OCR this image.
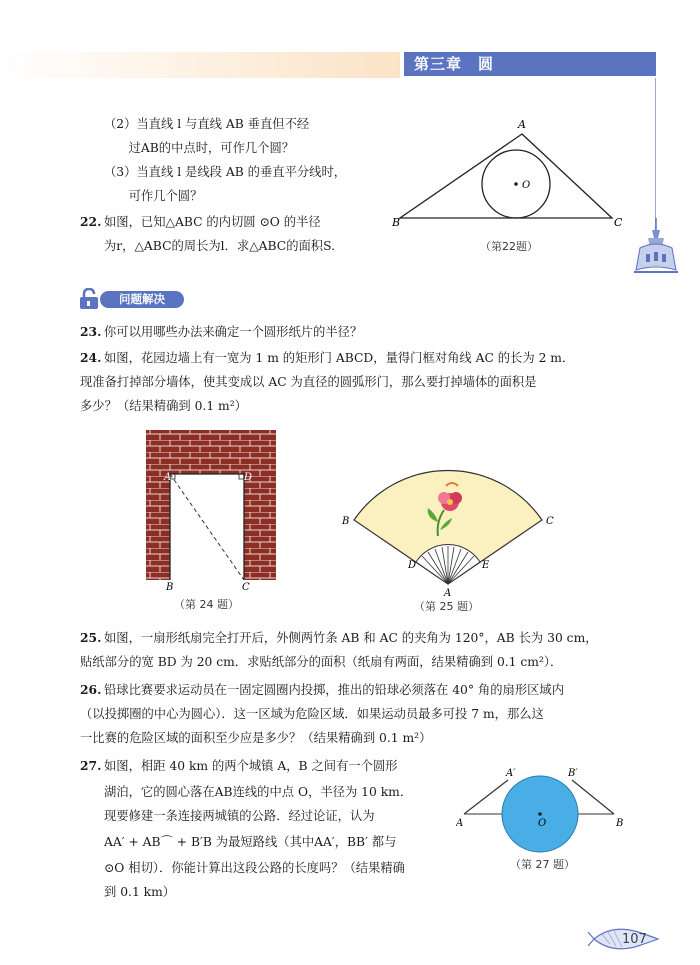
第三章　圆
（2）当直线 l 与直线 AB 垂直但不经
　　过AB的中点时，可作几个圆？
（3）当直线 l 是线段 AB 的垂直平分线时，
　　可作几个圆？
22. 如图，已知△ABC 的内切圆 ⊙O 的半径
为r，△ABC的周长为l．求△ABC的面积S.
A
B	C
O
（第22题）
问题解决
23. 你可以用哪些办法来确定一个圆形纸片的半径？
24. 如图，花园边墙上有一宽为 1 m 的矩形门 ABCD，量得门框对角线 AC 的长为 2 m．
现准备打掉部分墙体，使其变成以 AC 为直径的圆弧形门，那么要打掉墙体的面积是
多少？（结果精确到 0.1 m²）
A	D
B	C
（第 24 题）
B	C
D	E
A
（第 25 题）
25. 如图，一扇形纸扇完全打开后，外侧两竹条 AB 和 AC 的夹角为 120°，AB 长为 30 cm，
贴纸部分的宽 BD 为 20 cm．求贴纸部分的面积（纸扇有两面，结果精确到 0.1 cm²）．
26. 铅球比赛要求运动员在一固定圆圈内投掷，推出的铅球必须落在 40° 角的扇形区域内
（以投掷圈的中心为圆心）．这一区域为危险区域．如果运动员最多可投 7 m，那么这
一比赛的危险区域的面积至少应是多少？（结果精确到 0.1 m²）
27. 如图，相距 40 km 的两个城镇 A，B 之间有一个圆形
湖泊，它的圆心落在AB连线的中点 O，半径为 10 km．
现要修建一条连接两城镇的公路．经过论证，认为
AA′ + AB⌒ + B′B 为最短路线（其中AA′，BB′ 都与
⊙O 相切）．你能计算出这段公路的长度吗？（结果精确
到 0.1 km）
A	B
A′	B′
O
（第 27 题）
107
